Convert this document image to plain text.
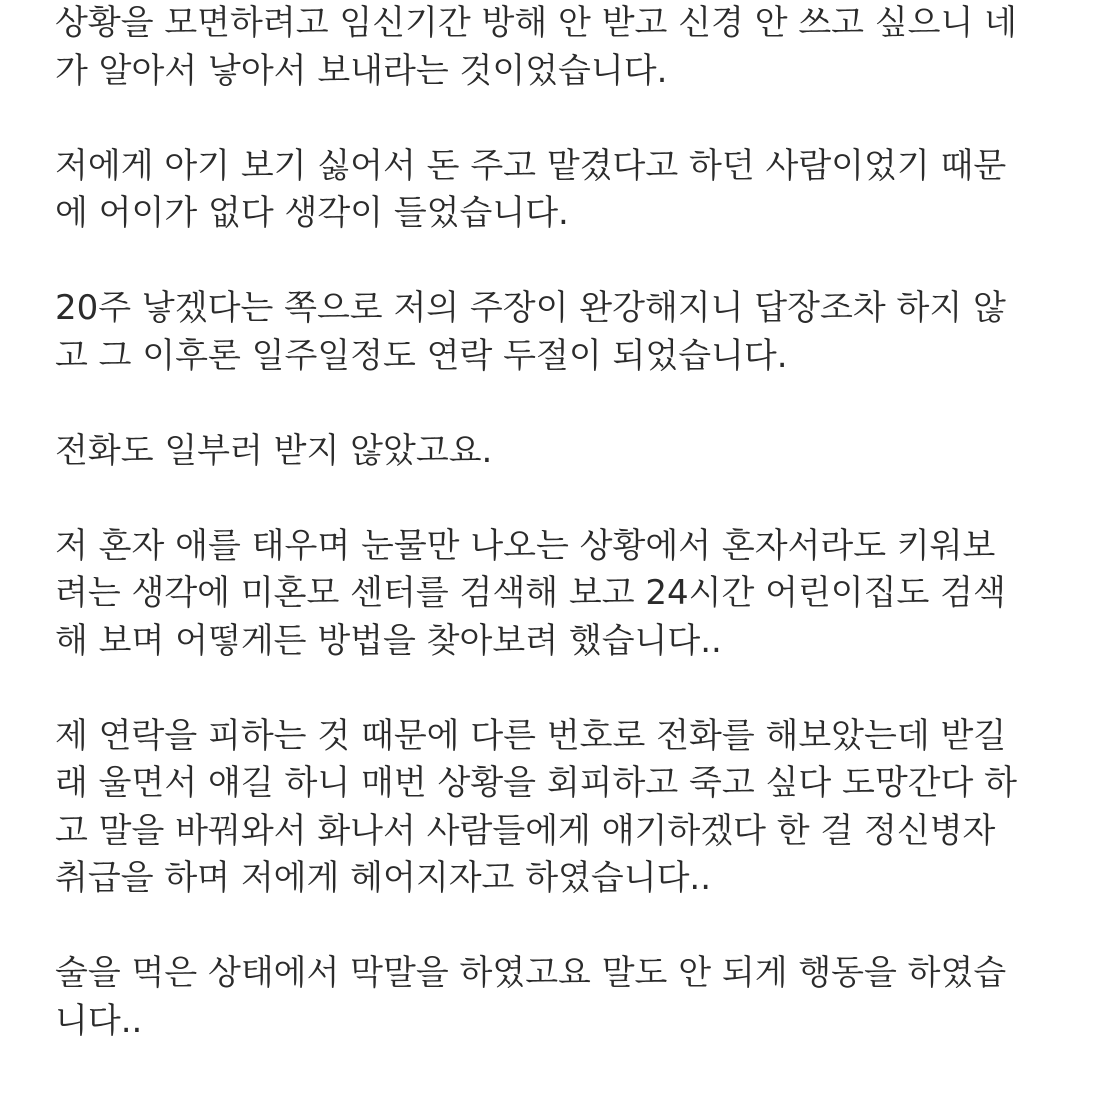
상황을 모면하려고 임신기간 방해 안 받고 신경 안 쓰고 싶으니 네
가 알아서 낳아서 보내라는 것이었습니다.
저에게 아기 보기 싫어서 돈 주고 맡겼다고 하던 사람이었기 때문
에 어이가 없다 생각이 들었습니다.
20주 낳겠다는 쪽으로 저의 주장이 완강해지니 답장조차 하지 않
고 그 이후론 일주일정도 연락 두절이 되었습니다.
전화도 일부러 받지 않았고요.
저 혼자 애를 태우며 눈물만 나오는 상황에서 혼자서라도 키워보
려는 생각에 미혼모 센터를 검색해 보고 24시간 어린이집도 검색
해 보며 어떻게든 방법을 찾아보려 했습니다..
제 연락을 피하는 것 때문에 다른 번호로 전화를 해보았는데 받길
래 울면서 얘길 하니 매번 상황을 회피하고 죽고 싶다 도망간다 하
고 말을 바꿔와서 화나서 사람들에게 얘기하겠다 한 걸 정신병자
취급을 하며 저에게 헤어지자고 하였습니다..
술을 먹은 상태에서 막말을 하였고요 말도 안 되게 행동을 하였습
니다..
